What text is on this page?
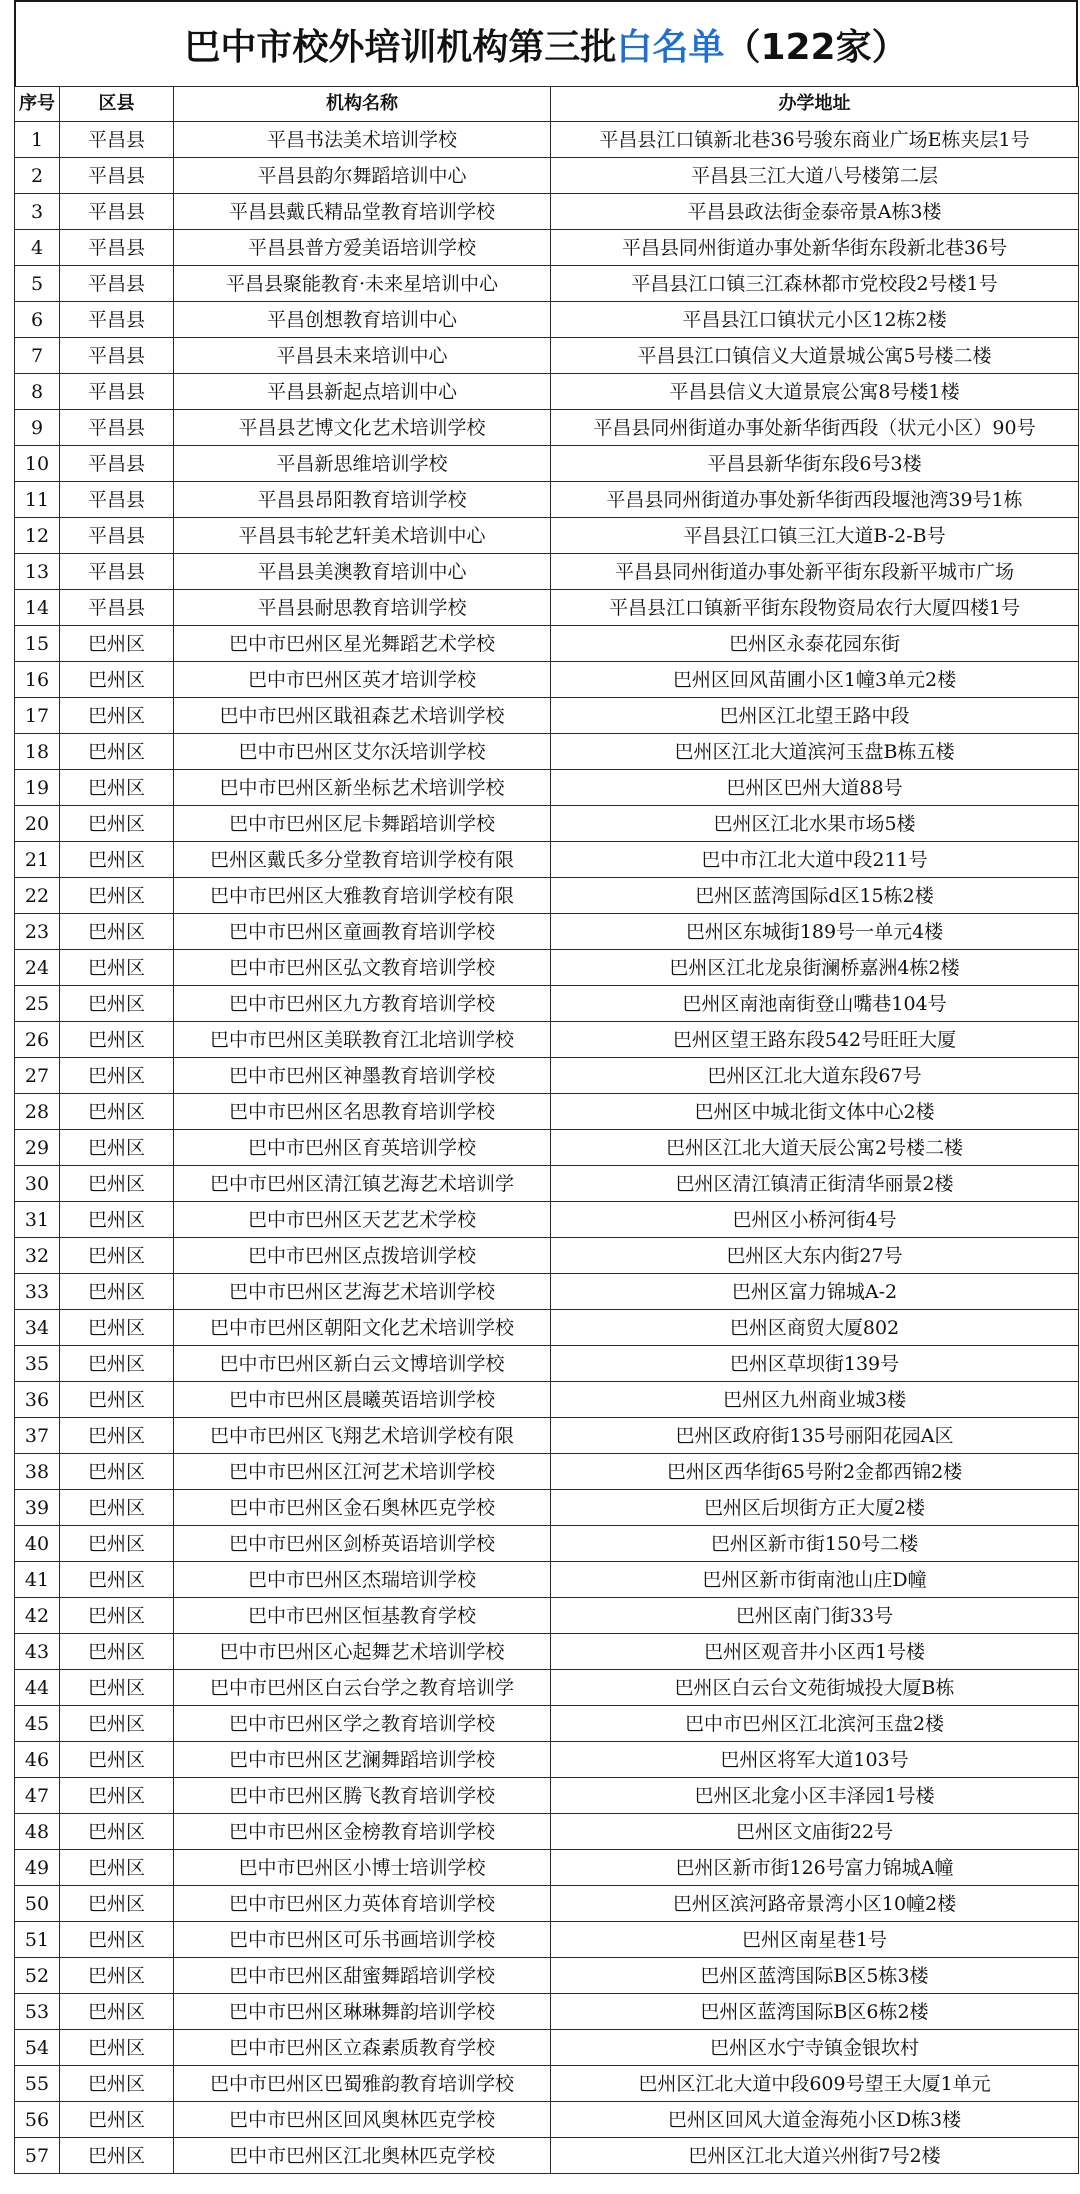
巴中市校外培训机构第三批 白名单 （122家）
序号	区县	机构名称	办学地址
1	平昌县	平昌书法美术培训学校	平昌县江口镇新北巷36号骏东商业广场E栋夹层1号
2	平昌县	平昌县韵尔舞蹈培训中心	平昌县三江大道八号楼第二层
3	平昌县	平昌县戴氏精品堂教育培训学校	平昌县政法街金泰帝景A栋3楼
4	平昌县	平昌县普方爱美语培训学校	平昌县同州街道办事处新华街东段新北巷36号
5	平昌县	平昌县聚能教育·未来星培训中心	平昌县江口镇三江森林都市党校段2号楼1号
6	平昌县	平昌创想教育培训中心	平昌县江口镇状元小区12栋2楼
7	平昌县	平昌县未来培训中心	平昌县江口镇信义大道景城公寓5号楼二楼
8	平昌县	平昌县新起点培训中心	平昌县信义大道景宸公寓8号楼1楼
9	平昌县	平昌县艺博文化艺术培训学校	平昌县同州街道办事处新华街西段（状元小区）90号
10	平昌县	平昌新思维培训学校	平昌县新华街东段6号3楼
11	平昌县	平昌县昂阳教育培训学校	平昌县同州街道办事处新华街西段堰池湾39号1栋
12	平昌县	平昌县韦轮艺轩美术培训中心	平昌县江口镇三江大道B-2-B号
13	平昌县	平昌县美澳教育培训中心	平昌县同州街道办事处新平街东段新平城市广场
14	平昌县	平昌县耐思教育培训学校	平昌县江口镇新平街东段物资局农行大厦四楼1号
15	巴州区	巴中市巴州区星光舞蹈艺术学校	巴州区永泰花园东街
16	巴州区	巴中市巴州区英才培训学校	巴州区回风苗圃小区1幢3单元2楼
17	巴州区	巴中市巴州区戢祖森艺术培训学校	巴州区江北望王路中段
18	巴州区	巴中市巴州区艾尔沃培训学校	巴州区江北大道滨河玉盘B栋五楼
19	巴州区	巴中市巴州区新坐标艺术培训学校	巴州区巴州大道88号
20	巴州区	巴中市巴州区尼卡舞蹈培训学校	巴州区江北水果市场5楼
21	巴州区	巴州区戴氏多分堂教育培训学校有限	巴中市江北大道中段211号
22	巴州区	巴中市巴州区大雅教育培训学校有限	巴州区蓝湾国际d区15栋2楼
23	巴州区	巴中市巴州区童画教育培训学校	巴州区东城街189号一单元4楼
24	巴州区	巴中市巴州区弘文教育培训学校	巴州区江北龙泉街澜桥嘉洲4栋2楼
25	巴州区	巴中市巴州区九方教育培训学校	巴州区南池南街登山嘴巷104号
26	巴州区	巴中市巴州区美联教育江北培训学校	巴州区望王路东段542号旺旺大厦
27	巴州区	巴中市巴州区神墨教育培训学校	巴州区江北大道东段67号
28	巴州区	巴中市巴州区名思教育培训学校	巴州区中城北街文体中心2楼
29	巴州区	巴中市巴州区育英培训学校	巴州区江北大道天辰公寓2号楼二楼
30	巴州区	巴中市巴州区清江镇艺海艺术培训学	巴州区清江镇清正街清华丽景2楼
31	巴州区	巴中市巴州区天艺艺术学校	巴州区小桥河街4号
32	巴州区	巴中市巴州区点拨培训学校	巴州区大东内街27号
33	巴州区	巴中市巴州区艺海艺术培训学校	巴州区富力锦城A-2
34	巴州区	巴中市巴州区朝阳文化艺术培训学校	巴州区商贸大厦802
35	巴州区	巴中市巴州区新白云文博培训学校	巴州区草坝街139号
36	巴州区	巴中市巴州区晨曦英语培训学校	巴州区九州商业城3楼
37	巴州区	巴中市巴州区飞翔艺术培训学校有限	巴州区政府街135号丽阳花园A区
38	巴州区	巴中市巴州区江河艺术培训学校	巴州区西华街65号附2金都西锦2楼
39	巴州区	巴中市巴州区金石奥林匹克学校	巴州区后坝街方正大厦2楼
40	巴州区	巴中市巴州区剑桥英语培训学校	巴州区新市街150号二楼
41	巴州区	巴中市巴州区杰瑞培训学校	巴州区新市街南池山庄D幢
42	巴州区	巴中市巴州区恒基教育学校	巴州区南门街33号
43	巴州区	巴中市巴州区心起舞艺术培训学校	巴州区观音井小区西1号楼
44	巴州区	巴中市巴州区白云台学之教育培训学	巴州区白云台文苑街城投大厦B栋
45	巴州区	巴中市巴州区学之教育培训学校	巴中市巴州区江北滨河玉盘2楼
46	巴州区	巴中市巴州区艺澜舞蹈培训学校	巴州区将军大道103号
47	巴州区	巴中市巴州区腾飞教育培训学校	巴州区北龛小区丰泽园1号楼
48	巴州区	巴中市巴州区金榜教育培训学校	巴州区文庙街22号
49	巴州区	巴中市巴州区小博士培训学校	巴州区新市街126号富力锦城A幢
50	巴州区	巴中市巴州区力英体育培训学校	巴州区滨河路帝景湾小区10幢2楼
51	巴州区	巴中市巴州区可乐书画培训学校	巴州区南星巷1号
52	巴州区	巴中市巴州区甜蜜舞蹈培训学校	巴州区蓝湾国际B区5栋3楼
53	巴州区	巴中市巴州区琳琳舞韵培训学校	巴州区蓝湾国际B区6栋2楼
54	巴州区	巴中市巴州区立森素质教育学校	巴州区水宁寺镇金银坎村
55	巴州区	巴中市巴州区巴蜀雅韵教育培训学校	巴州区江北大道中段609号望王大厦1单元
56	巴州区	巴中市巴州区回风奥林匹克学校	巴州区回风大道金海苑小区D栋3楼
57	巴州区	巴中市巴州区江北奥林匹克学校	巴州区江北大道兴州街7号2楼
